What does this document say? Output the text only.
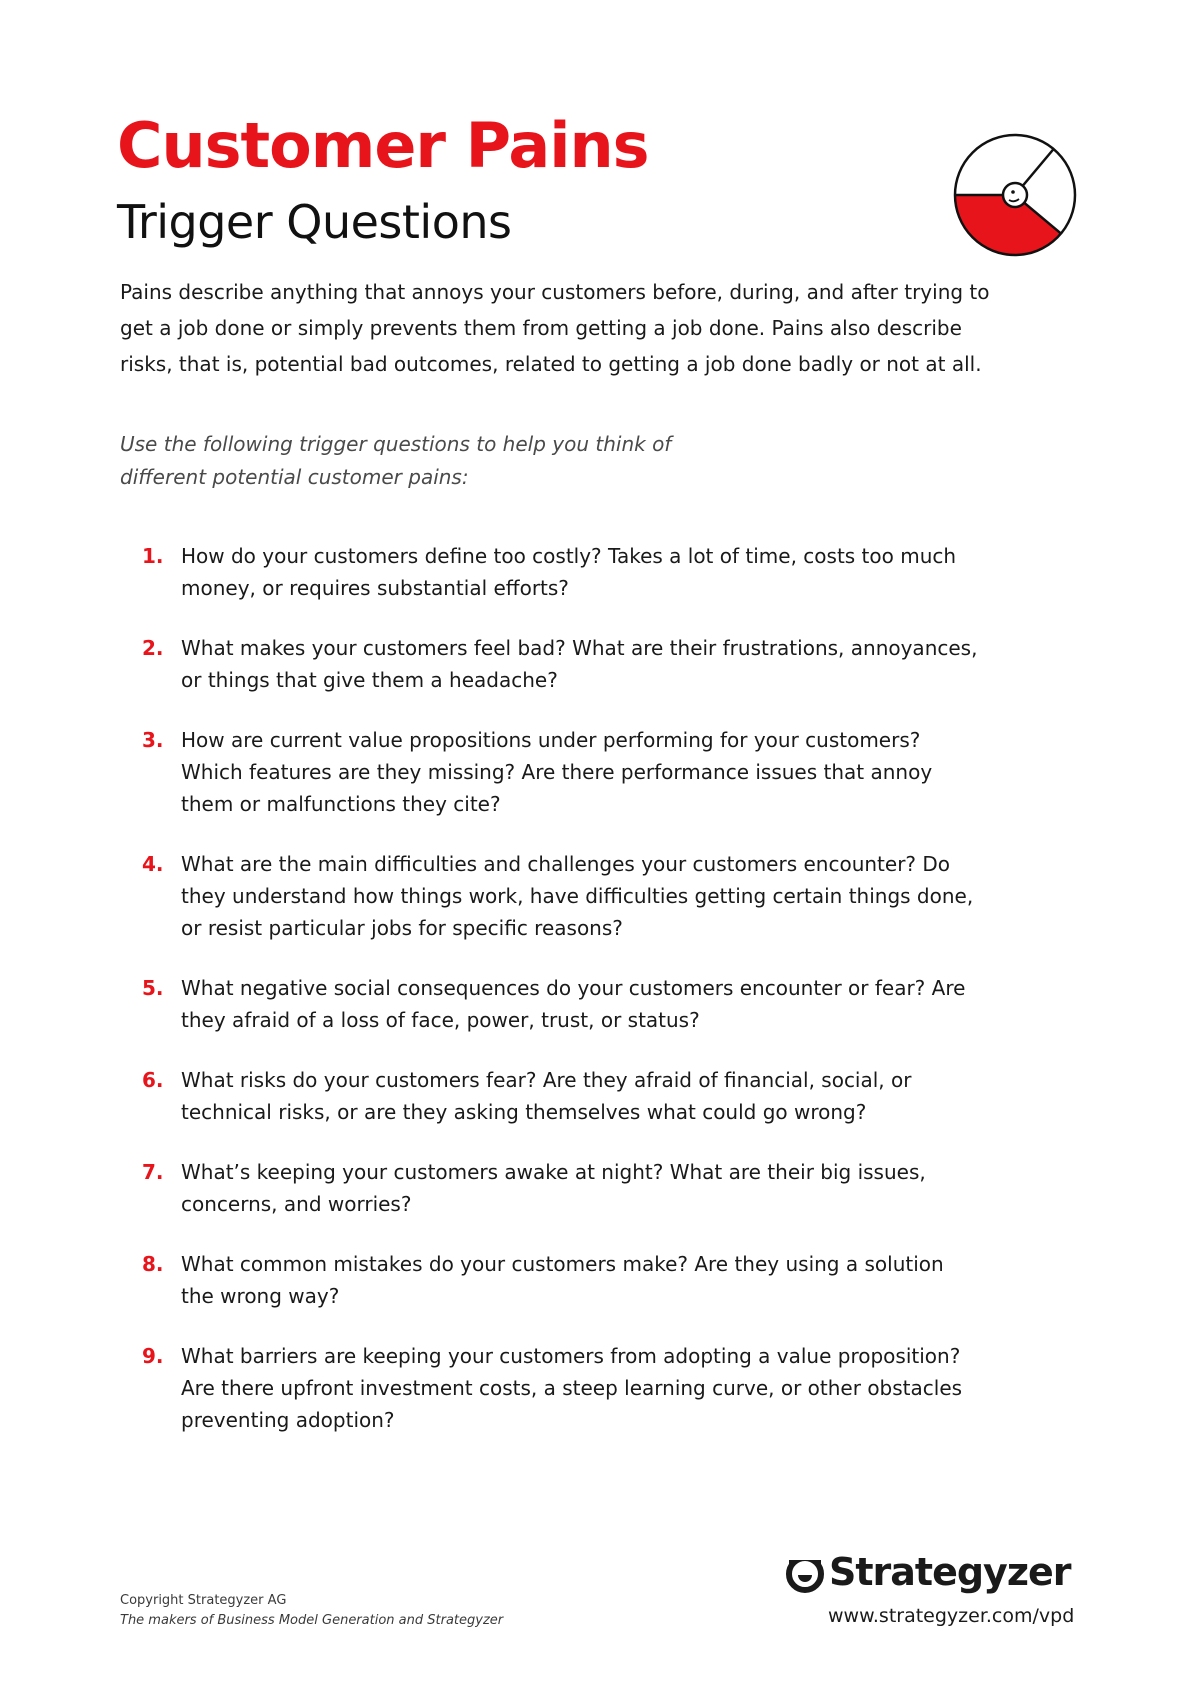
Customer Pains
Trigger Questions

Pains describe anything that annoys your customers before, during, and after trying to get a job done or simply prevents them from getting a job done. Pains also describe risks, that is, potential bad outcomes, related to getting a job done badly or not at all.

Use the following trigger questions to help you think of different potential customer pains:

1. How do your customers define too costly? Takes a lot of time, costs too much money, or requires substantial efforts?
2. What makes your customers feel bad? What are their frustrations, annoyances, or things that give them a headache?
3. How are current value propositions under performing for your customers? Which features are they missing? Are there performance issues that annoy them or malfunctions they cite?
4. What are the main difficulties and challenges your customers encounter? Do they understand how things work, have difficulties getting certain things done, or resist particular jobs for specific reasons?
5. What negative social consequences do your customers encounter or fear? Are they afraid of a loss of face, power, trust, or status?
6. What risks do your customers fear? Are they afraid of financial, social, or technical risks, or are they asking themselves what could go wrong?
7. What’s keeping your customers awake at night? What are their big issues, concerns, and worries?
8. What common mistakes do your customers make? Are they using a solution the wrong way?
9. What barriers are keeping your customers from adopting a value proposition? Are there upfront investment costs, a steep learning curve, or other obstacles preventing adoption?
Copyright Strategyzer AG
The makers of Business Model Generation and Strategyzer
Strategyzer
www.strategyzer.com/vpd
